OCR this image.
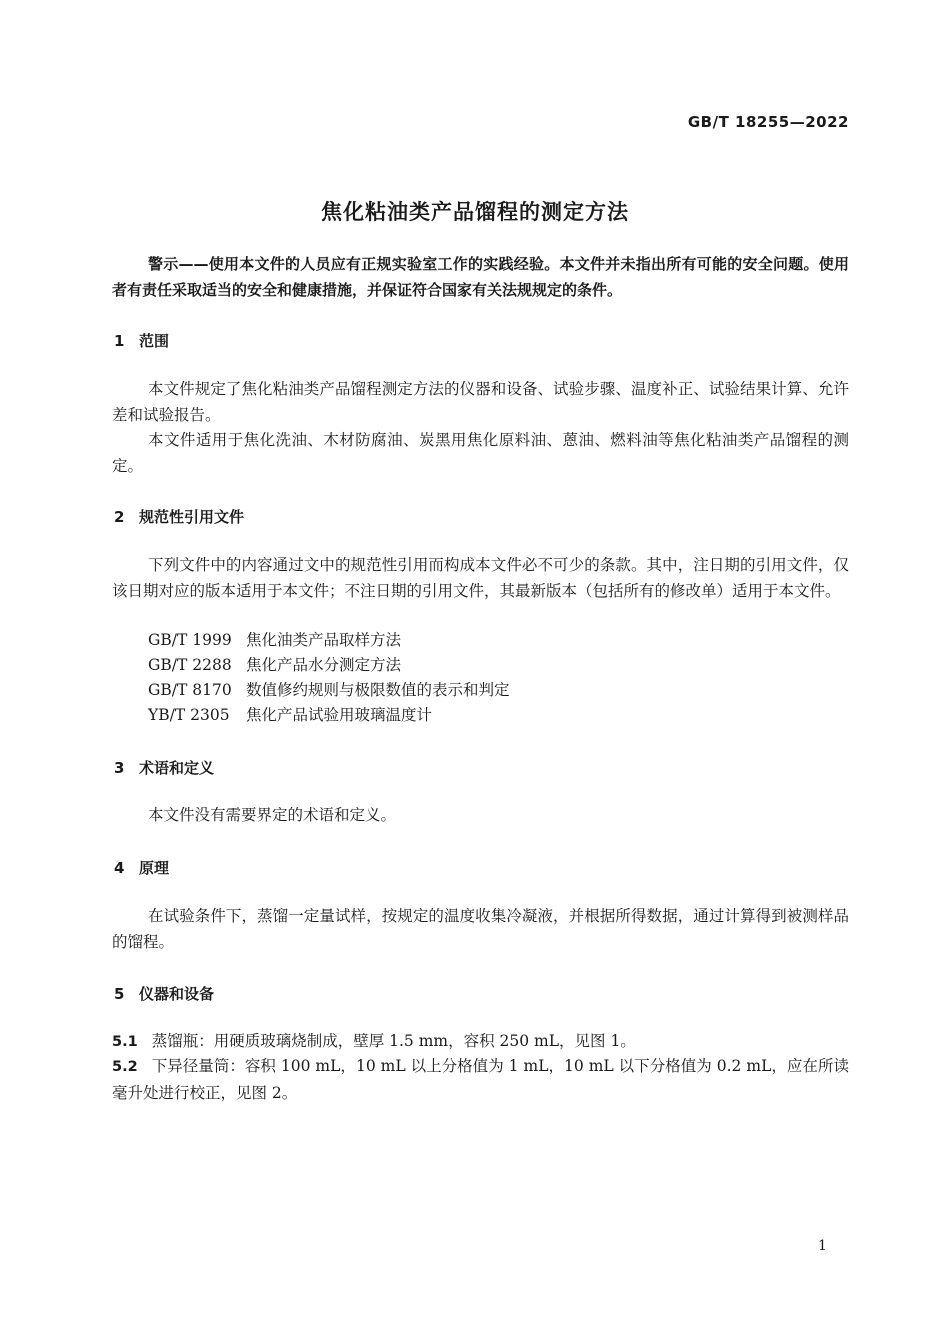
GB/T 18255—2022
焦化粘油类产品馏程的测定方法

警示——使用本文件的人员应有正规实验室工作的实践经验。本文件并未指出所有可能的安全问题。使用者有责任采取适当的安全和健康措施，并保证符合国家有关法规规定的条件。

1 范围

本文件规定了焦化粘油类产品馏程测定方法的仪器和设备、试验步骤、温度补正、试验结果计算、允许差和试验报告。

本文件适用于焦化洗油、木材防腐油、炭黑用焦化原料油、蒽油、燃料油等焦化粘油类产品馏程的测定。

2 规范性引用文件

下列文件中的内容通过文中的规范性引用而构成本文件必不可少的条款。其中，注日期的引用文件，仅该日期对应的版本适用于本文件；不注日期的引用文件，其最新版本（包括所有的修改单）适用于本文件。

GB/T 1999 焦化油类产品取样方法
GB/T 2288 焦化产品水分测定方法
GB/T 8170 数值修约规则与极限数值的表示和判定
YB/T 2305 焦化产品试验用玻璃温度计
3 术语和定义

本文件没有需要界定的术语和定义。

4 原理

在试验条件下，蒸馏一定量试样，按规定的温度收集冷凝液，并根据所得数据，通过计算得到被测样品的馏程。

5 仪器和设备

5.1 蒸馏瓶：用硬质玻璃烧制成，壁厚 1.5 mm，容积 250 mL，见图 1。

5.2 下异径量筒：容积 100 mL，10 mL 以上分格值为 1 mL，10 mL 以下分格值为 0.2 mL，应在所读毫升处进行校正，见图 2。

1
